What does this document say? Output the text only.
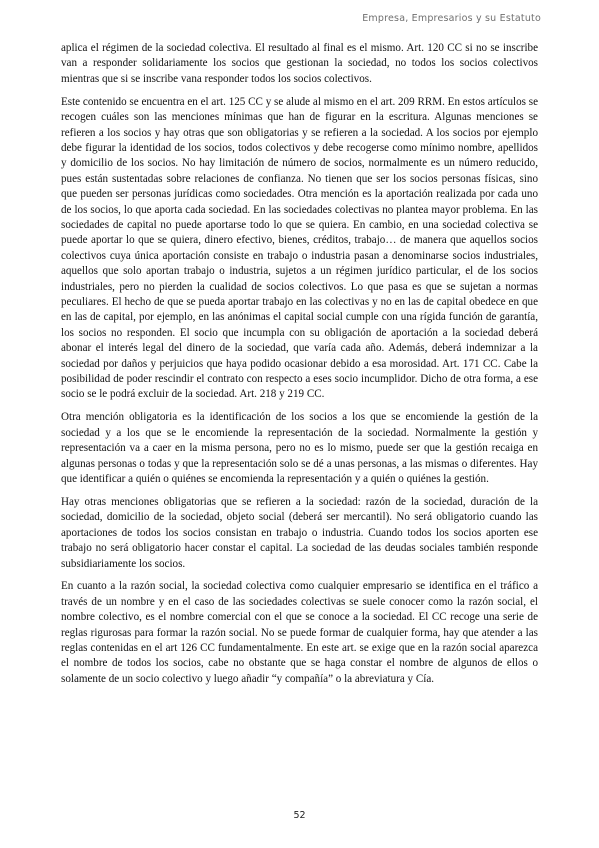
Empresa, Empresarios y su Estatuto

aplica el régimen de la sociedad colectiva. El resultado al final es el mismo. Art. 120 CC si no se inscribe van a responder solidariamente los socios que gestionan la sociedad, no todos los socios colectivos mientras que si se inscribe vana responder todos los socios colectivos.

Este contenido se encuentra en el art. 125 CC y se alude al mismo en el art. 209 RRM. En estos artículos se recogen cuáles son las menciones mínimas que han de figurar en la escritura. Algunas menciones se refieren a los socios y hay otras que son obligatorias y se refieren a la sociedad. A los socios por ejemplo debe figurar la identidad de los socios, todos colectivos y debe recogerse como mínimo nombre, apellidos y domicilio de los socios. No hay limitación de número de socios, normalmente es un número reducido, pues están sustentadas sobre relaciones de confianza. No tienen que ser los socios personas físicas, sino que pueden ser personas jurídicas como sociedades. Otra mención es la aportación realizada por cada uno de los socios, lo que aporta cada sociedad. En las sociedades colectivas no plantea mayor problema. En las sociedades de capital no puede aportarse todo lo que se quiera. En cambio, en una sociedad colectiva se puede aportar lo que se quiera, dinero efectivo, bienes, créditos, trabajo… de manera que aquellos socios colectivos cuya única aportación consiste en trabajo o industria pasan a denominarse socios industriales, aquellos que solo aportan trabajo o industria, sujetos a un régimen jurídico particular, el de los socios industriales, pero no pierden la cualidad de socios colectivos. Lo que pasa es que se sujetan a normas peculiares. El hecho de que se pueda aportar trabajo en las colectivas y no en las de capital obedece en que en las de capital, por ejemplo, en las anónimas el capital social cumple con una rígida función de garantía, los socios no responden. El socio que incumpla con su obligación de aportación a la sociedad deberá abonar el interés legal del dinero de la sociedad, que varía cada año. Además, deberá indemnizar a la sociedad por daños y perjuicios que haya podido ocasionar debido a esa morosidad. Art. 171 CC. Cabe la posibilidad de poder rescindir el contrato con respecto a eses socio incumplidor. Dicho de otra forma, a ese socio se le podrá excluir de la sociedad. Art. 218 y 219 CC.

Otra mención obligatoria es la identificación de los socios a los que se encomiende la gestión de la sociedad y a los que se le encomiende la representación de la sociedad. Normalmente la gestión y representación va a caer en la misma persona, pero no es lo mismo, puede ser que la gestión recaiga en algunas personas o todas y que la representación solo se dé a unas personas, a las mismas o diferentes. Hay que identificar a quién o quiénes se encomienda la representación y a quién o quiénes la gestión.

Hay otras menciones obligatorias que se refieren a la sociedad: razón de la sociedad, duración de la sociedad, domicilio de la sociedad, objeto social (deberá ser mercantil). No será obligatorio cuando las aportaciones de todos los socios consistan en trabajo o industria. Cuando todos los socios aporten ese trabajo no será obligatorio hacer constar el capital. La sociedad de las deudas sociales también responde subsidiariamente los socios.

En cuanto a la razón social, la sociedad colectiva como cualquier empresario se identifica en el tráfico a través de un nombre y en el caso de las sociedades colectivas se suele conocer como la razón social, el nombre colectivo, es el nombre comercial con el que se conoce a la sociedad. El CC recoge una serie de reglas rigurosas para formar la razón social. No se puede formar de cualquier forma, hay que atender a las reglas contenidas en el art 126 CC fundamentalmente. En este art. se exige que en la razón social aparezca el nombre de todos los socios, cabe no obstante que se haga constar el nombre de algunos de ellos o solamente de un socio colectivo y luego añadir “y compañía” o la abreviatura y Cía.

52
